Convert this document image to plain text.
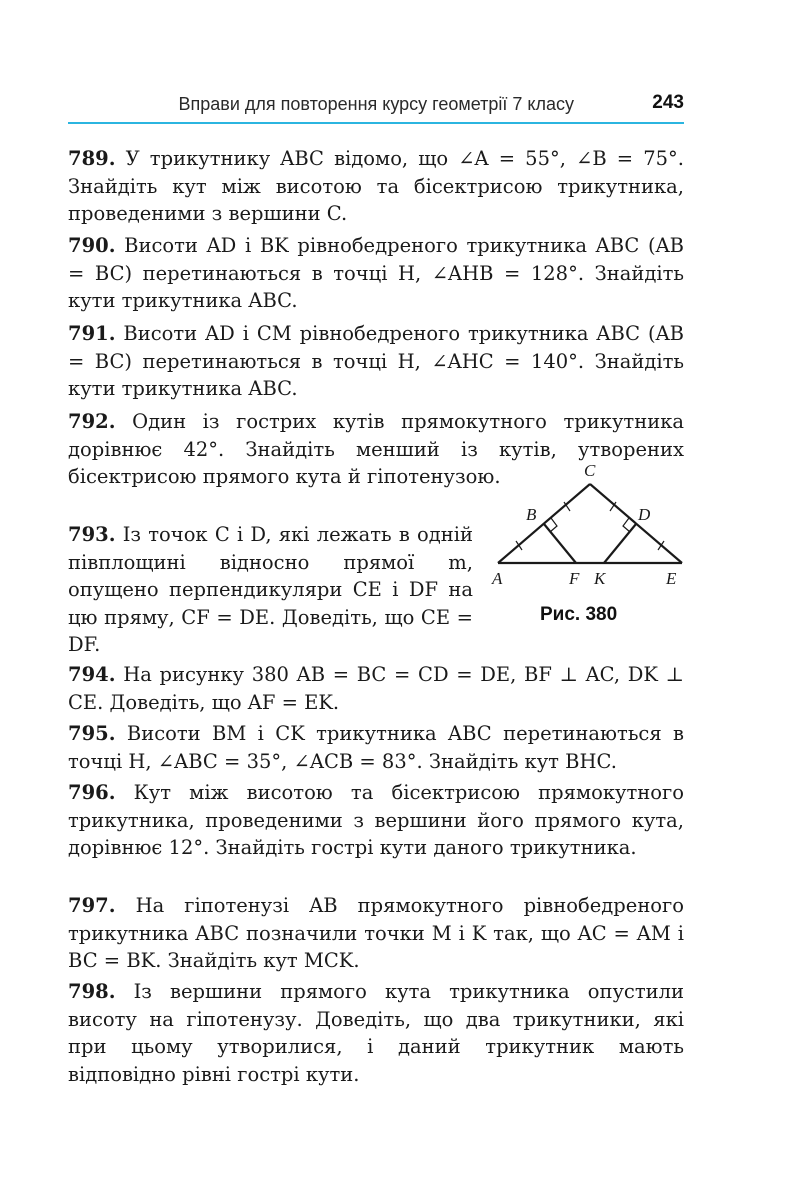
Вправи для повторення курсу геометрії 7 класу	243
789. У трикутнику ABC відомо, що ∠A = 55°, ∠B = 75°. Знайдіть кут між висотою та бісектрисою трикутника, проведеними з вершини C.
790. Висоти AD і BK рівнобедреного трикутника ABC (AB = BC) перетинаються в точці H, ∠AHB = 128°. Знайдіть кути трикутника ABC.
791. Висоти AD і CM рівнобедреного трикутника ABC (AB = BC) перетинаються в точці H, ∠AHC = 140°. Знайдіть кути трикутника ABC.
792. Один із гострих кутів прямокутного трикутника дорівнює 42°. Знайдіть менший із кутів, утворених бісектрисою прямого кута й гіпотенузою.
793. Із точок C і D, які лежать в одній півплощині відносно прямої m, опущено перпендикуляри CE і DF на цю пряму, CF = DE. Доведіть, що CE = DF.
C
B	D
A	F K	E
Рис. 380
794. На рисунку 380 AB = BC = CD = DE, BF ⊥ AC, DK ⊥ CE. Доведіть, що AF = EK.
795. Висоти BM і CK трикутника ABC перетинаються в точці H, ∠ABC = 35°, ∠ACB = 83°. Знайдіть кут BHC.
796. Кут між висотою та бісектрисою прямокутного трикутника, проведеними з вершини його прямого кута, дорівнює 12°. Знайдіть гострі кути даного трикутника.
797. На гіпотенузі AB прямокутного рівнобедреного трикутника ABC позначили точки M і K так, що AC = AM і BC = BK. Знайдіть кут MCK.
798. Із вершини прямого кута трикутника опустили висоту на гіпотенузу. Доведіть, що два трикутники, які при цьому утворилися, і даний трикутник мають відповідно рівні гострі кути.
